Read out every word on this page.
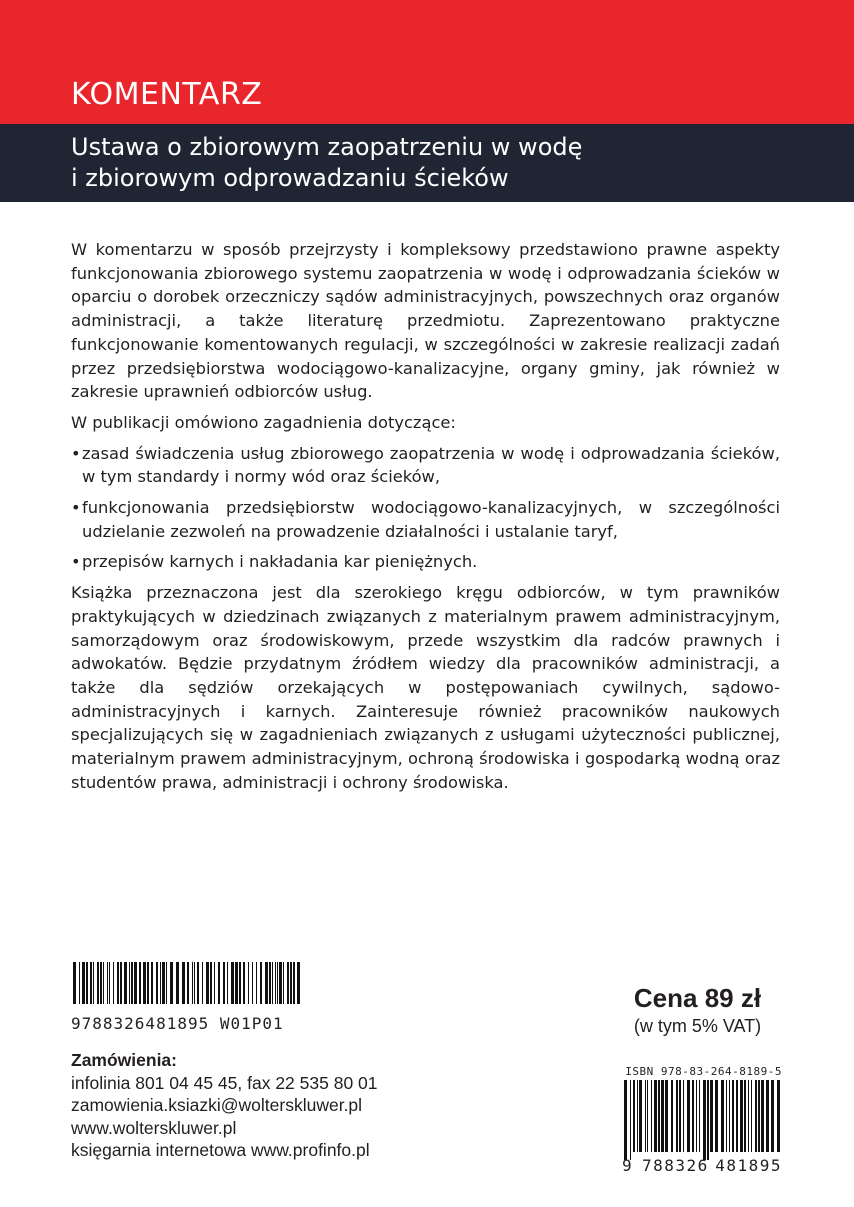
KOMENTARZ
Ustawa o zbiorowym zaopatrzeniu w wodę
i zbiorowym odprowadzaniu ścieków

W komentarzu w sposób przejrzysty i kompleksowy przedstawiono prawne aspekty funkcjonowania zbiorowego systemu zaopatrzenia w wodę i odprowadzania ścieków w oparciu o dorobek orzeczniczy sądów administracyjnych, powszechnych oraz organów administracji, a także literaturę przedmiotu. Zaprezentowano praktyczne funkcjonowanie komentowanych regulacji, w szczególności w zakresie realizacji zadań przez przedsiębiorstwa wodociągowo-kanalizacyjne, organy gminy, jak również w zakresie uprawnień odbiorców usług.

W publikacji omówiono zagadnienia dotyczące:

• zasad świadczenia usług zbiorowego zaopatrzenia w wodę i odprowadzania ścieków, w tym standardy i normy wód oraz ścieków,
• funkcjonowania przedsiębiorstw wodociągowo-kanalizacyjnych, w szczególności udzielanie zezwoleń na prowadzenie działalności i ustalanie taryf,
• przepisów karnych i nakładania kar pieniężnych.

Książka przeznaczona jest dla szerokiego kręgu odbiorców, w tym prawników praktykujących w dziedzinach związanych z materialnym prawem administracyjnym, samorządowym oraz środowiskowym, przede wszystkim dla radców prawnych i adwokatów. Będzie przydatnym źródłem wiedzy dla pracowników administracji, a także dla sędziów orzekających w postępowaniach cywilnych, sądowo-administracyjnych i karnych. Zainteresuje również pracowników naukowych specjalizujących się w zagadnieniach związanych z usługami użyteczności publicznej, materialnym prawem administracyjnym, ochroną środowiska i gospodarką wodną oraz studentów prawa, administracji i ochrony środowiska.

9788326481895 W01P01
Zamówienia:
infolinia 801 04 45 45, fax 22 535 80 01
zamowienia.ksiazki@wolterskluwer.pl
www.wolterskluwer.pl
księgarnia internetowa www.profinfo.pl
Cena 89 zł
(w tym 5% VAT)
ISBN 978-83-264-8189-5
9 788326 481895
